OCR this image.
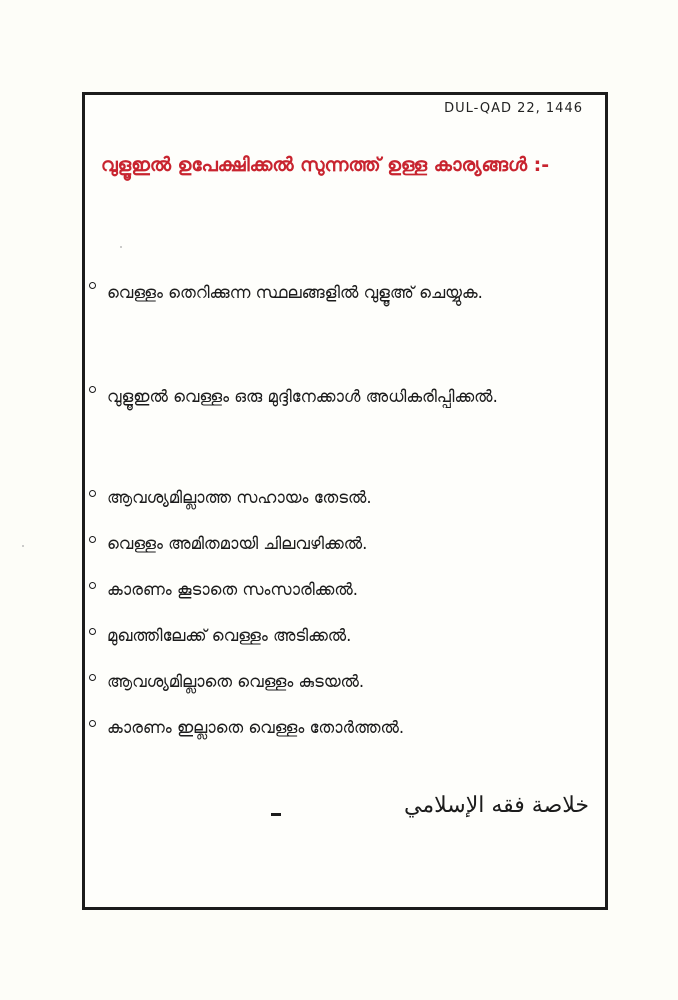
DUL-QAD 22, 1446
വുളൂഇൽ ഉപേക്ഷിക്കൽ സുന്നത്ത് ഉള്ള കാര്യങ്ങൾ :-
വെള്ളം തെറിക്കുന്ന സ്ഥലങ്ങളിൽ വുളൂഅ് ചെയ്യുക.
വുളൂഇൽ വെള്ളം ഒരു മുദ്ദിനേക്കാൾ അധികരിപ്പിക്കൽ.
ആവശ്യമില്ലാത്ത സഹായം തേടൽ.
വെള്ളം അമിതമായി ചിലവഴിക്കൽ.
കാരണം കൂടാതെ സംസാരിക്കൽ.
മുഖത്തിലേക്ക് വെള്ളം അടിക്കൽ.
ആവശ്യമില്ലാതെ വെള്ളം കുടയൽ.
കാരണം ഇല്ലാതെ വെള്ളം തോർത്തൽ.
خلاصة فقه الإسلامي
